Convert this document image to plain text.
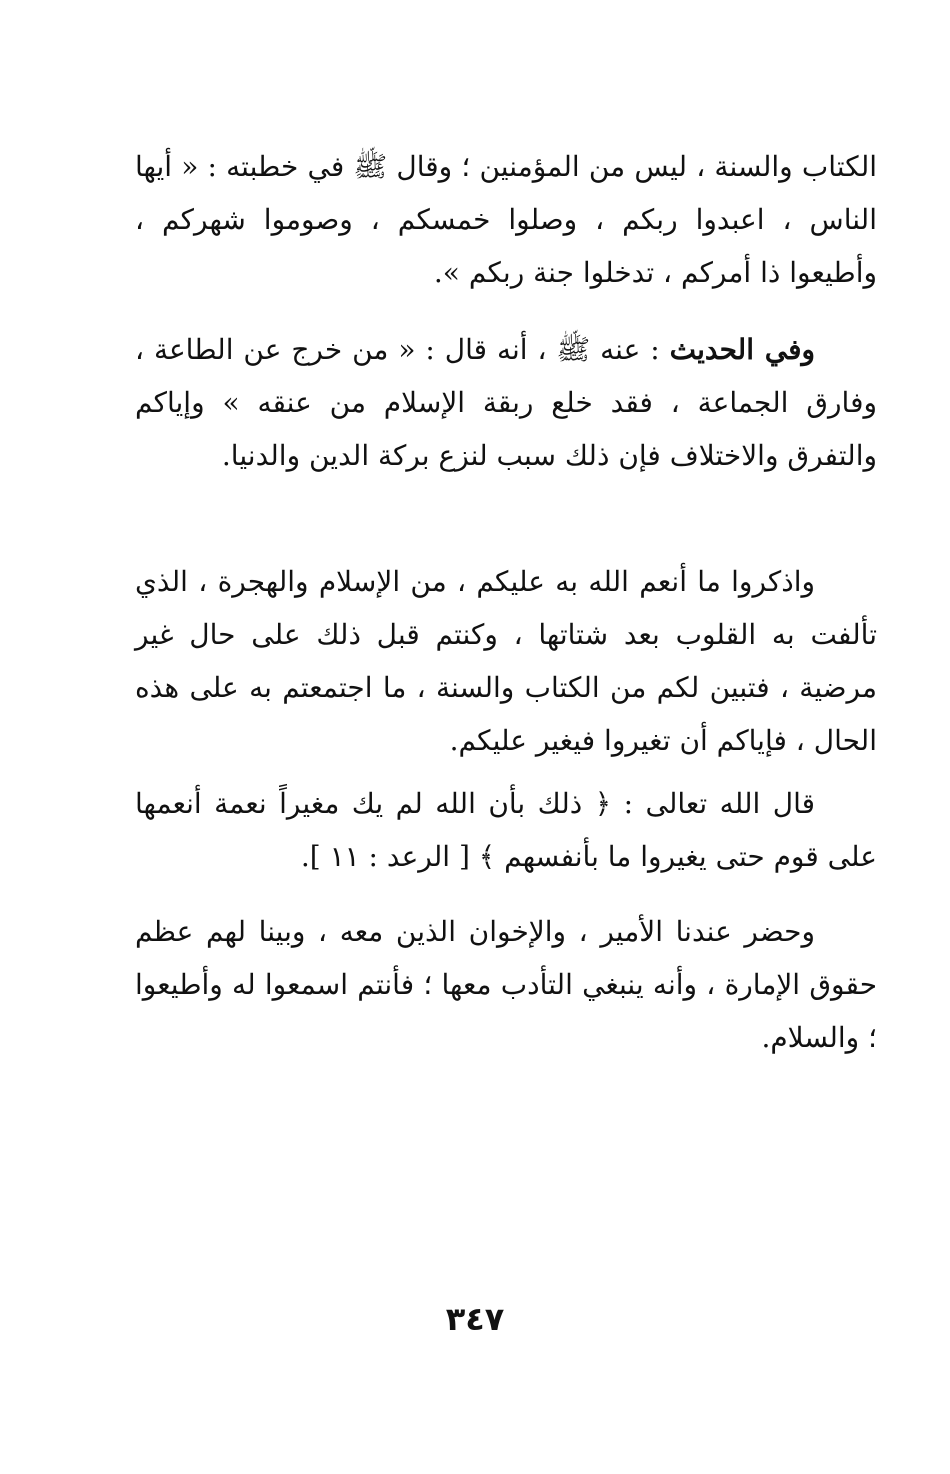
الكتاب والسنة ، ليس من المؤمنين ؛ وقال ﷺ في خطبته : « أيها الناس ، اعبدوا ربكم ، وصلوا خمسكم ، وصوموا شهركم ، وأطيعوا ذا أمركم ، تدخلوا جنة ربكم ».

وفي الحديث : عنه ﷺ ، أنه قال : « من خرج عن الطاعة ، وفارق الجماعة ، فقد خلع ربقة الإسلام من عنقه » وإياكم والتفرق والاختلاف فإن ذلك سبب لنزع بركة الدين والدنيا.

واذكروا ما أنعم الله به عليكم ، من الإسلام والهجرة ، الذي تألفت به القلوب بعد شتاتها ، وكنتم قبل ذلك على حال غير مرضية ، فتبين لكم من الكتاب والسنة ، ما اجتمعتم به على هذه الحال ، فإياكم أن تغيروا فيغير عليكم.

قال الله تعالى : ﴿ ذلك بأن الله لم يك مغيراً نعمة أنعمها على قوم حتى يغيروا ما بأنفسهم ﴾ [ الرعد : ١١ ].

وحضر عندنا الأمير ، والإخوان الذين معه ، وبينا لهم عظم حقوق الإمارة ، وأنه ينبغي التأدب معها ؛ فأنتم اسمعوا له وأطيعوا ؛ والسلام.

٣٤٧
